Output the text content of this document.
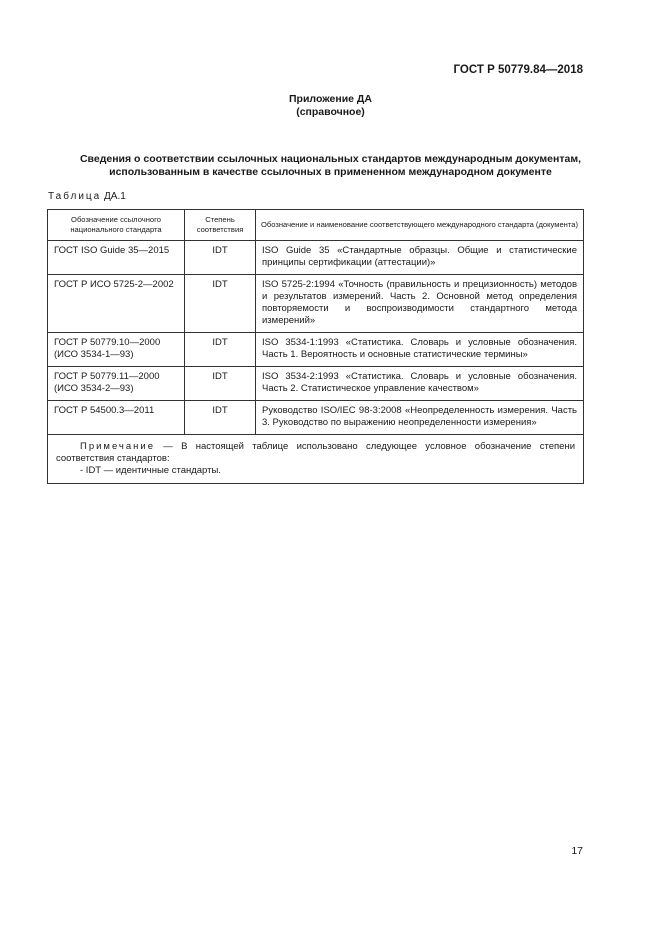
ГОСТ Р 50779.84—2018
Приложение ДА
(справочное)
Сведения о соответствии ссылочных национальных стандартов международным документам,
использованным в качестве ссылочных в примененном международном документе
Таблица ДА.1
Обозначение ссылочного национального стандарта	Степень соответствия	Обозначение и наименование соответствующего международного стандарта (документа)
ГОСТ ISO Guide 35—2015	IDT	ISO Guide 35 «Стандартные образцы. Общие и статистические принципы сертификации (аттестации)»
ГОСТ Р ИСО 5725-2—2002	IDT	ISO 5725-2:1994 «Точность (правильность и прецизионность) методов и результатов измерений. Часть 2. Основной метод определения повторяемости и воспроизводимости стандартного метода измерений»
ГОСТ Р 50779.10—2000 (ИСО 3534-1—93)	IDT	ISO 3534-1:1993 «Статистика. Словарь и условные обозначения. Часть 1. Вероятность и основные статистические термины»
ГОСТ Р 50779.11—2000 (ИСО 3534-2—93)	IDT	ISO 3534-2:1993 «Статистика. Словарь и условные обозначения. Часть 2. Статистическое управление качеством»
ГОСТ Р 54500.3—2011	IDT	Руководство ISO/IEC 98-3:2008 «Неопределенность измерения. Часть 3. Руководство по выражению неопределенности измерения»

Примечание — В настоящей таблице использовано следующее условное обозначение степени соответствия стандартов:
- IDT — идентичные стандарты.		
17
